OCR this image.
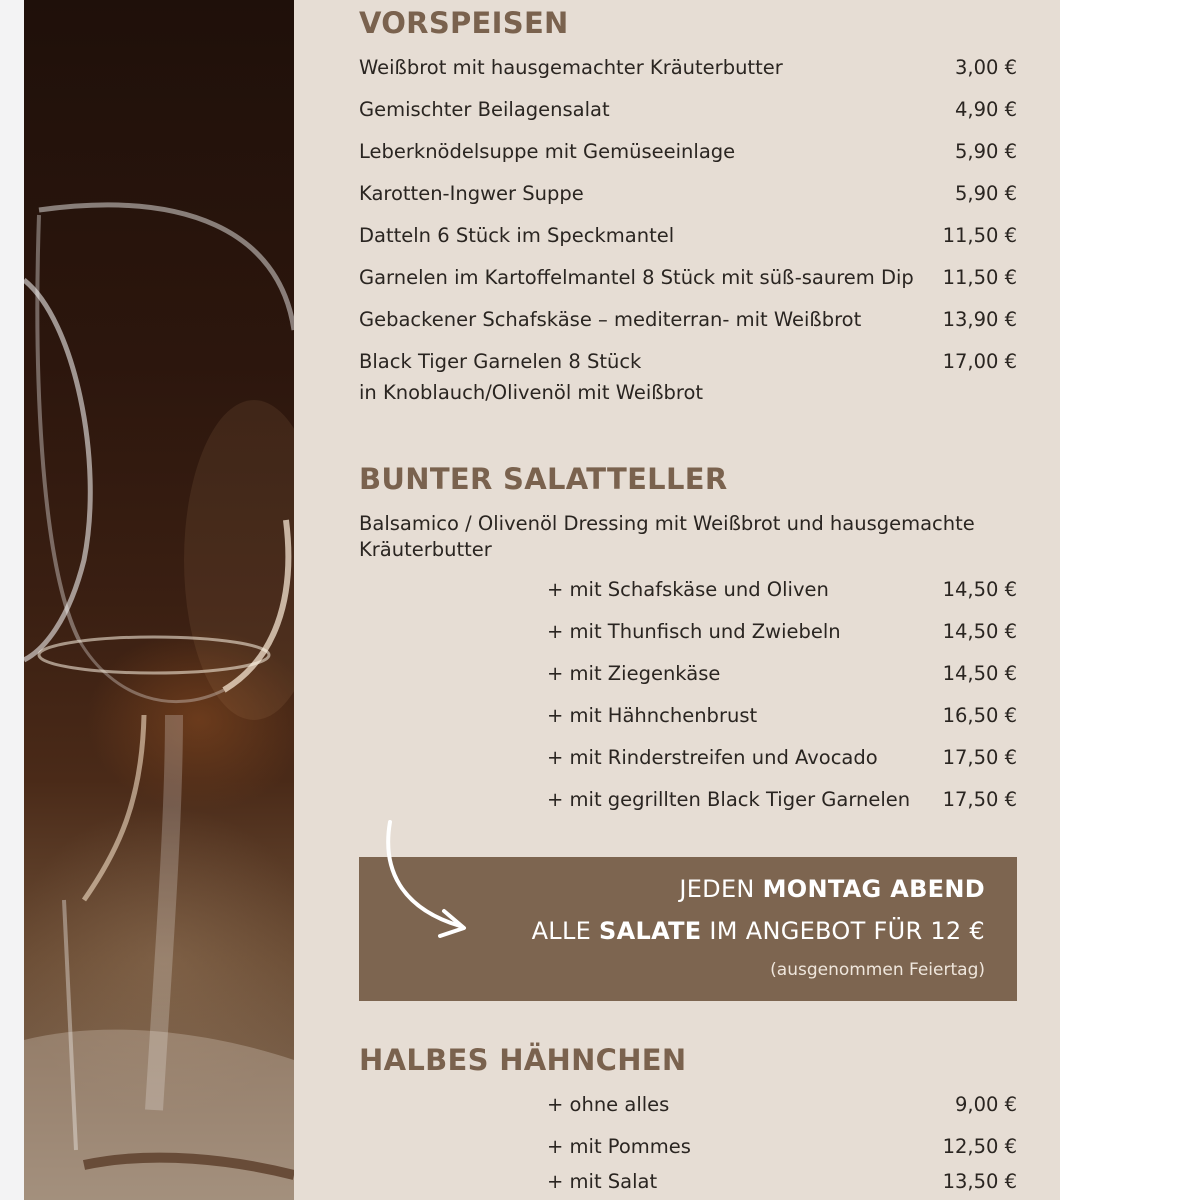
VORSPEISEN
Weißbrot mit hausgemachter Kräuterbutter	3,00 €
Gemischter Beilagensalat	4,90 €
Leberknödelsuppe mit Gemüseeinlage	5,90 €
Karotten-Ingwer Suppe	5,90 €
Datteln 6 Stück im Speckmantel	11,50 €
Garnelen im Kartoffelmantel 8 Stück mit süß-saurem Dip 11,50 €
Gebackener Schafskäse – mediterran- mit Weißbrot	13,90 €
Black Tiger Garnelen 8 Stück	17,00 €
in Knoblauch/Olivenöl mit Weißbrot
BUNTER SALATTELLER
Balsamico / Olivenöl Dressing mit Weißbrot und hausgemachte Kräuterbutter
+ mit Schafskäse und Oliven	14,50 €
+ mit Thunfisch und Zwiebeln	14,50 €
+ mit Ziegenkäse	14,50 €
+ mit Hähnchenbrust	16,50 €
+ mit Rinderstreifen und Avocado	17,50 €
+ mit gegrillten Black Tiger Garnelen 17,50 €
JEDEN MONTAG ABEND
ALLE SALATE IM ANGEBOT FÜR 12 €
(ausgenommen Feiertag)
HALBES HÄHNCHEN
+ ohne alles	9,00 €
+ mit Pommes	12,50 €
+ mit Salat	13,50 €
